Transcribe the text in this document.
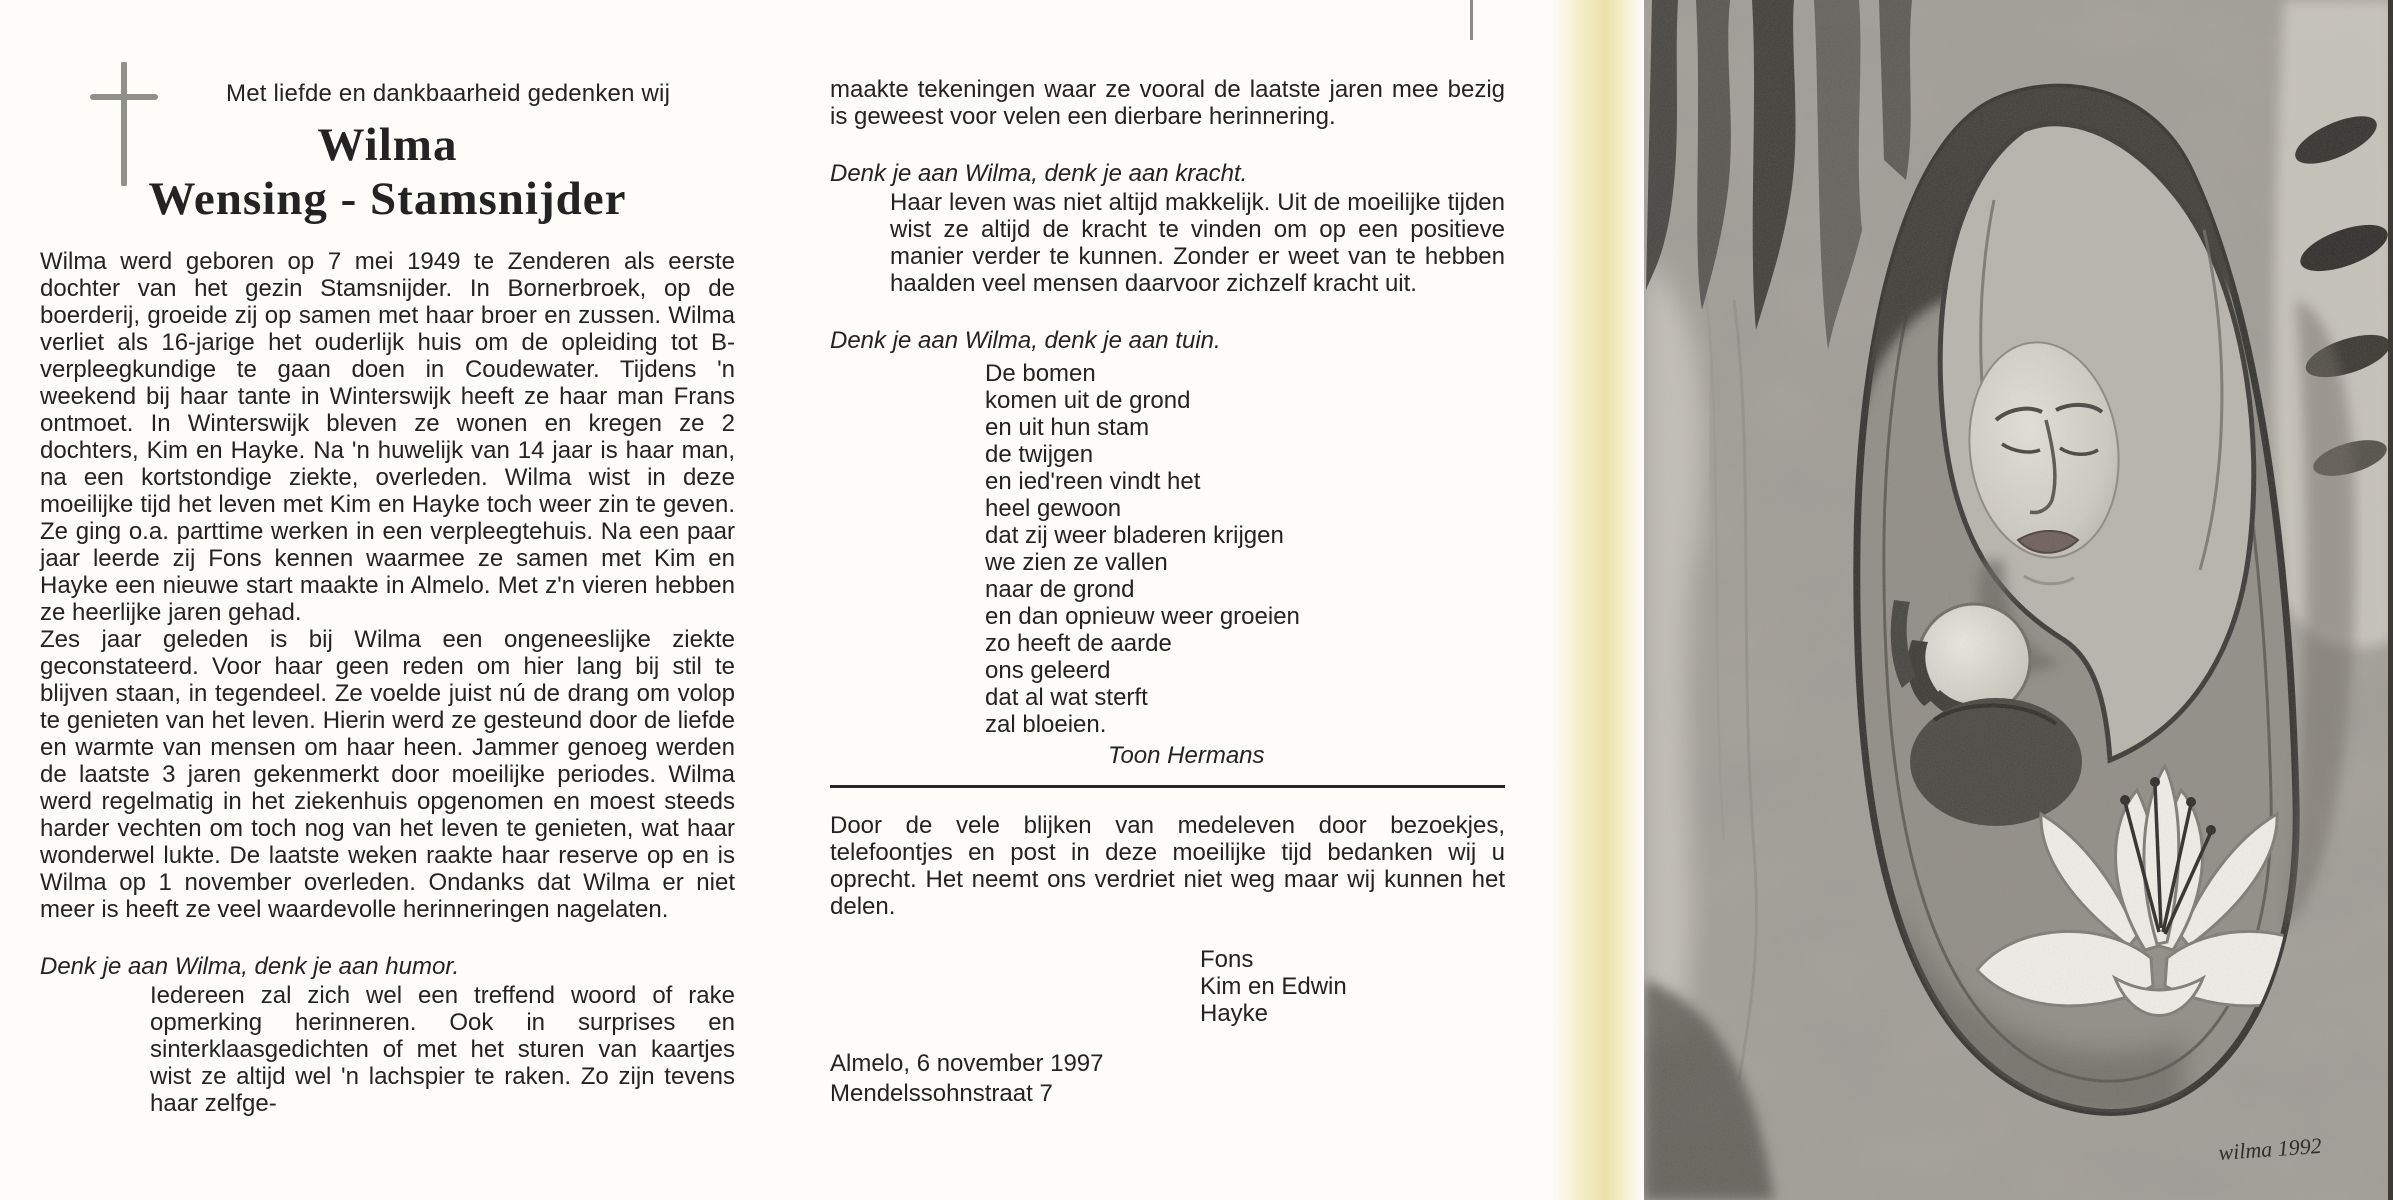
Met liefde en dankbaarheid gedenken wij
Wilma
Wensing - Stamsnijder

Wilma werd geboren op 7 mei 1949 te Zenderen als eerste dochter van het gezin Stamsnijder. In Bornerbroek, op de boerderij, groeide zij op samen met haar broer en zussen. Wilma verliet als 16-jarige het ouderlijk huis om de opleiding tot B-verpleegkundige te gaan doen in Coudewater. Tijdens 'n weekend bij haar tante in Winterswijk heeft ze haar man Frans ontmoet. In Winterswijk bleven ze wonen en kregen ze 2 dochters, Kim en Hayke. Na 'n huwelijk van 14 jaar is haar man, na een kortstondige ziekte, overleden. Wilma wist in deze moeilijke tijd het leven met Kim en Hayke toch weer zin te geven. Ze ging o.a. parttime werken in een verpleegtehuis. Na een paar jaar leerde zij Fons kennen waarmee ze samen met Kim en Hayke een nieuwe start maakte in Almelo. Met z'n vieren hebben ze heerlijke jaren gehad.

Zes jaar geleden is bij Wilma een ongeneeslijke ziekte geconstateerd. Voor haar geen reden om hier lang bij stil te blijven staan, in tegendeel. Ze voelde juist nú de drang om volop te genieten van het leven. Hierin werd ze gesteund door de liefde en warmte van mensen om haar heen. Jammer genoeg werden de laatste 3 jaren gekenmerkt door moeilijke periodes. Wilma werd regelmatig in het ziekenhuis opgenomen en moest steeds harder vechten om toch nog van het leven te genieten, wat haar wonderwel lukte. De laatste weken raakte haar reserve op en is Wilma op 1 november overleden. Ondanks dat Wilma er niet meer is heeft ze veel waardevolle herinneringen nagelaten.

Denk je aan Wilma, denk je aan humor.

Iedereen zal zich wel een treffend woord of rake opmerking herinneren. Ook in surprises en sinterklaasgedichten of met het sturen van kaartjes wist ze altijd wel 'n lachspier te raken. Zo zijn tevens haar zelfge-

maakte tekeningen waar ze vooral de laatste jaren mee bezig is geweest voor velen een dierbare herinnering.

Denk je aan Wilma, denk je aan kracht.

Haar leven was niet altijd makkelijk. Uit de moeilijke tijden wist ze altijd de kracht te vinden om op een positieve manier verder te kunnen. Zonder er weet van te hebben haalden veel mensen daarvoor zichzelf kracht uit.

Denk je aan Wilma, denk je aan tuin.

De bomen
komen uit de grond
en uit hun stam
de twijgen
en ied'reen vindt het
heel gewoon
dat zij weer bladeren krijgen
we zien ze vallen
naar de grond
en dan opnieuw weer groeien
zo heeft de aarde
ons geleerd
dat al wat sterft
zal bloeien.
Toon Hermans

Door de vele blijken van medeleven door bezoekjes, telefoontjes en post in deze moeilijke tijd bedanken wij u oprecht. Het neemt ons verdriet niet weg maar wij kunnen het delen.

Fons
Kim en Edwin
Hayke
Almelo, 6 november 1997
Mendelssohnstraat 7
wilma 1992
